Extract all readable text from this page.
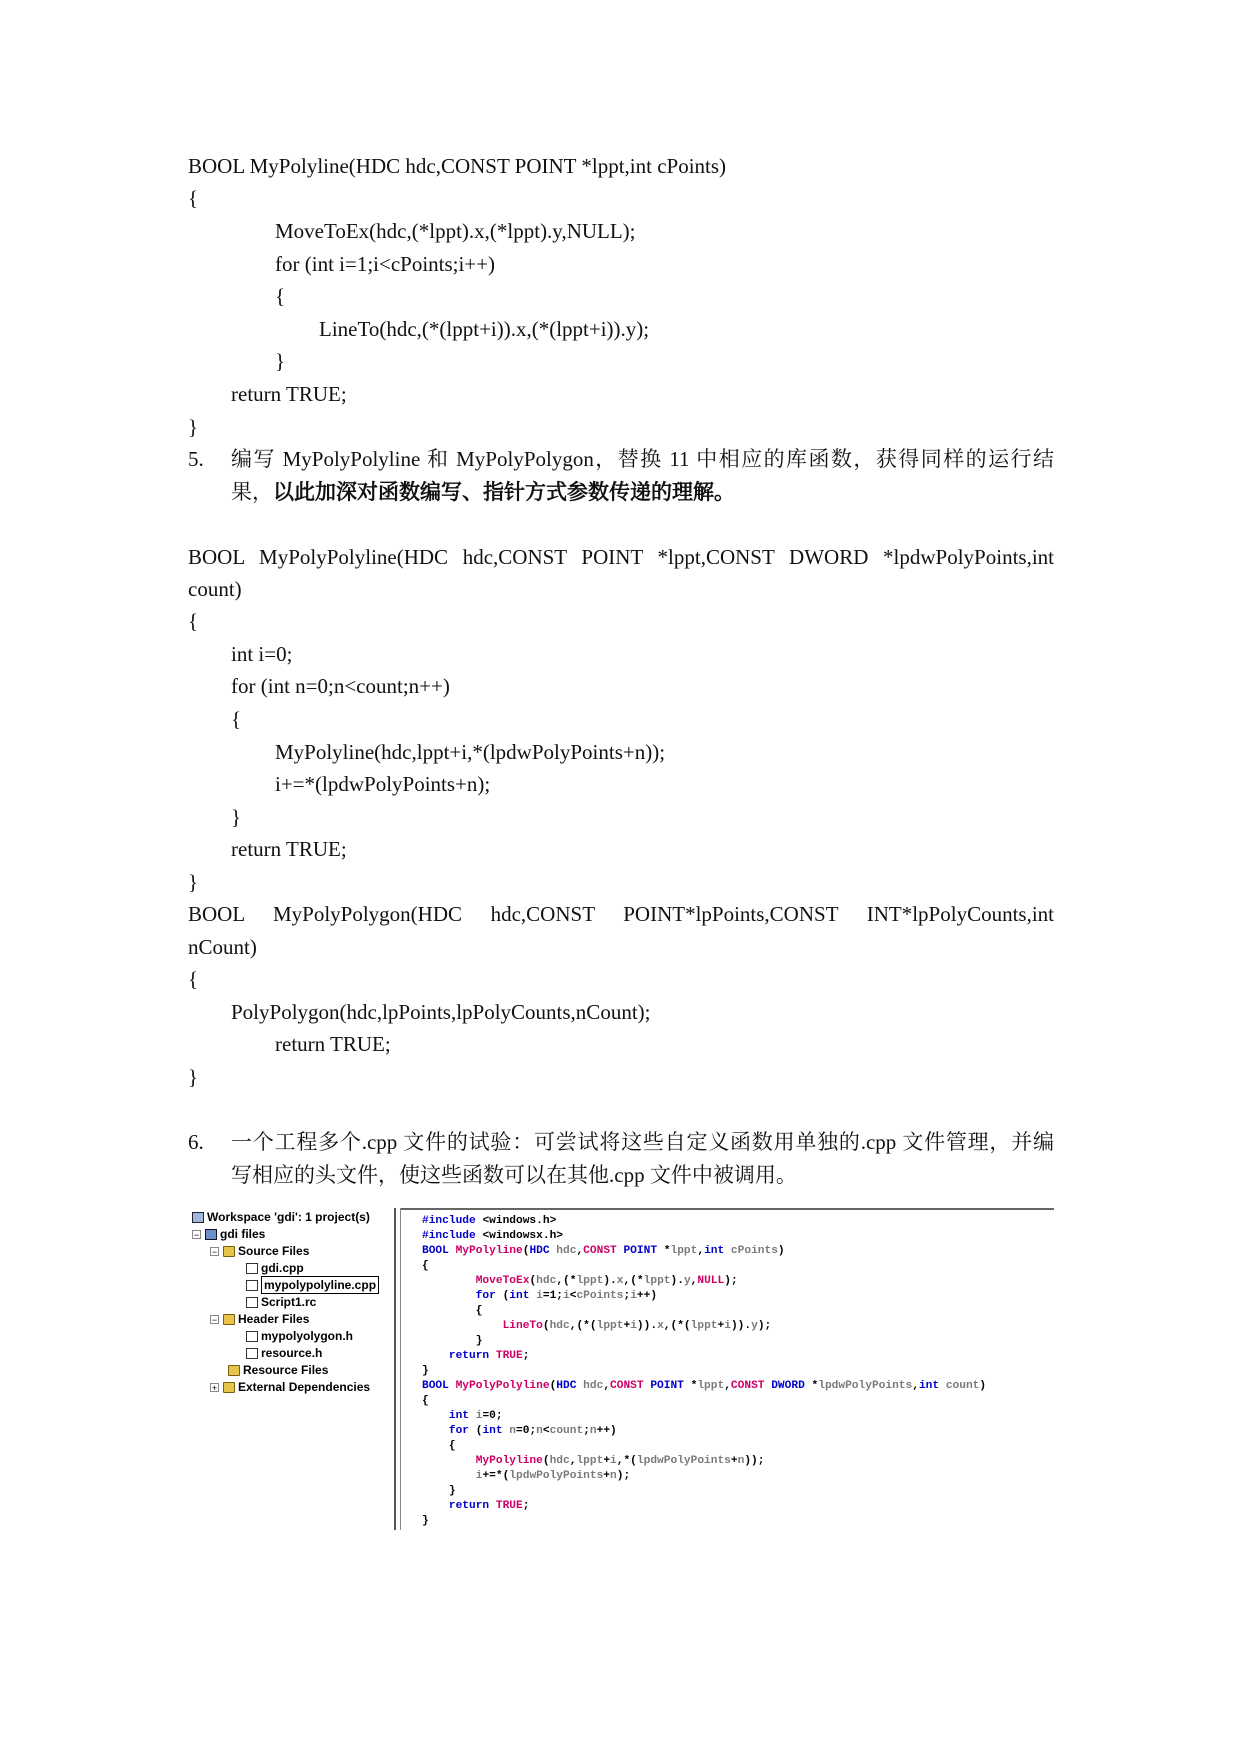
BOOL MyPolyline(HDC hdc,CONST POINT *lppt,int cPoints)
{
MoveToEx(hdc,(*lppt).x,(*lppt).y,NULL);
for (int i=1;i<cPoints;i++)
{
LineTo(hdc,(*(lppt+i)).x,(*(lppt+i)).y);
}
return TRUE;
}
5. 编写 MyPolyPolyline 和 MyPolyPolygon，替换 11 中相应的库函数，获得同样的运行结
果，以此加深对函数编写、指针方式参数传递的理解。
BOOL MyPolyPolyline(HDC hdc,CONST POINT *lppt,CONST DWORD *lpdwPolyPoints,int
count)
{
int i=0;
for (int n=0;n<count;n++)
{
MyPolyline(hdc,lppt+i,*(lpdwPolyPoints+n));
i+=*(lpdwPolyPoints+n);
}
return TRUE;
}
BOOL MyPolyPolygon(HDC hdc,CONST POINT*lpPoints,CONST INT*lpPolyCounts,int
nCount)
{
PolyPolygon(hdc,lpPoints,lpPolyCounts,nCount);
return TRUE;
}
6. 一个工程多个.cpp 文件的试验：可尝试将这些自定义函数用单独的.cpp 文件管理，并编
写相应的头文件，使这些函数可以在其他.cpp 文件中被调用。
Workspace 'gdi': 1 project(s)
− gdi files
− Source Files
gdi.cpp
mypolypolyline.cpp
Script1.rc
− Header Files
mypolyolygon.h
resource.h
Resource Files
+ External Dependencies
#include <windows.h>
#include <windowsx.h>
BOOL MyPolyline(HDC hdc,CONST POINT *lppt,int cPoints)
{
MoveToEx(hdc,(*lppt).x,(*lppt).y,NULL);
for (int i=1;i<cPoints;i++)
{
LineTo(hdc,(*(lppt+i)).x,(*(lppt+i)).y);
}
return TRUE;
}
BOOL MyPolyPolyline(HDC hdc,CONST POINT *lppt,CONST DWORD *lpdwPolyPoints,int count)
{
int i=0;
for (int n=0;n<count;n++)
{
MyPolyline(hdc,lppt+i,*(lpdwPolyPoints+n));
i+=*(lpdwPolyPoints+n);
}
return TRUE;
}
